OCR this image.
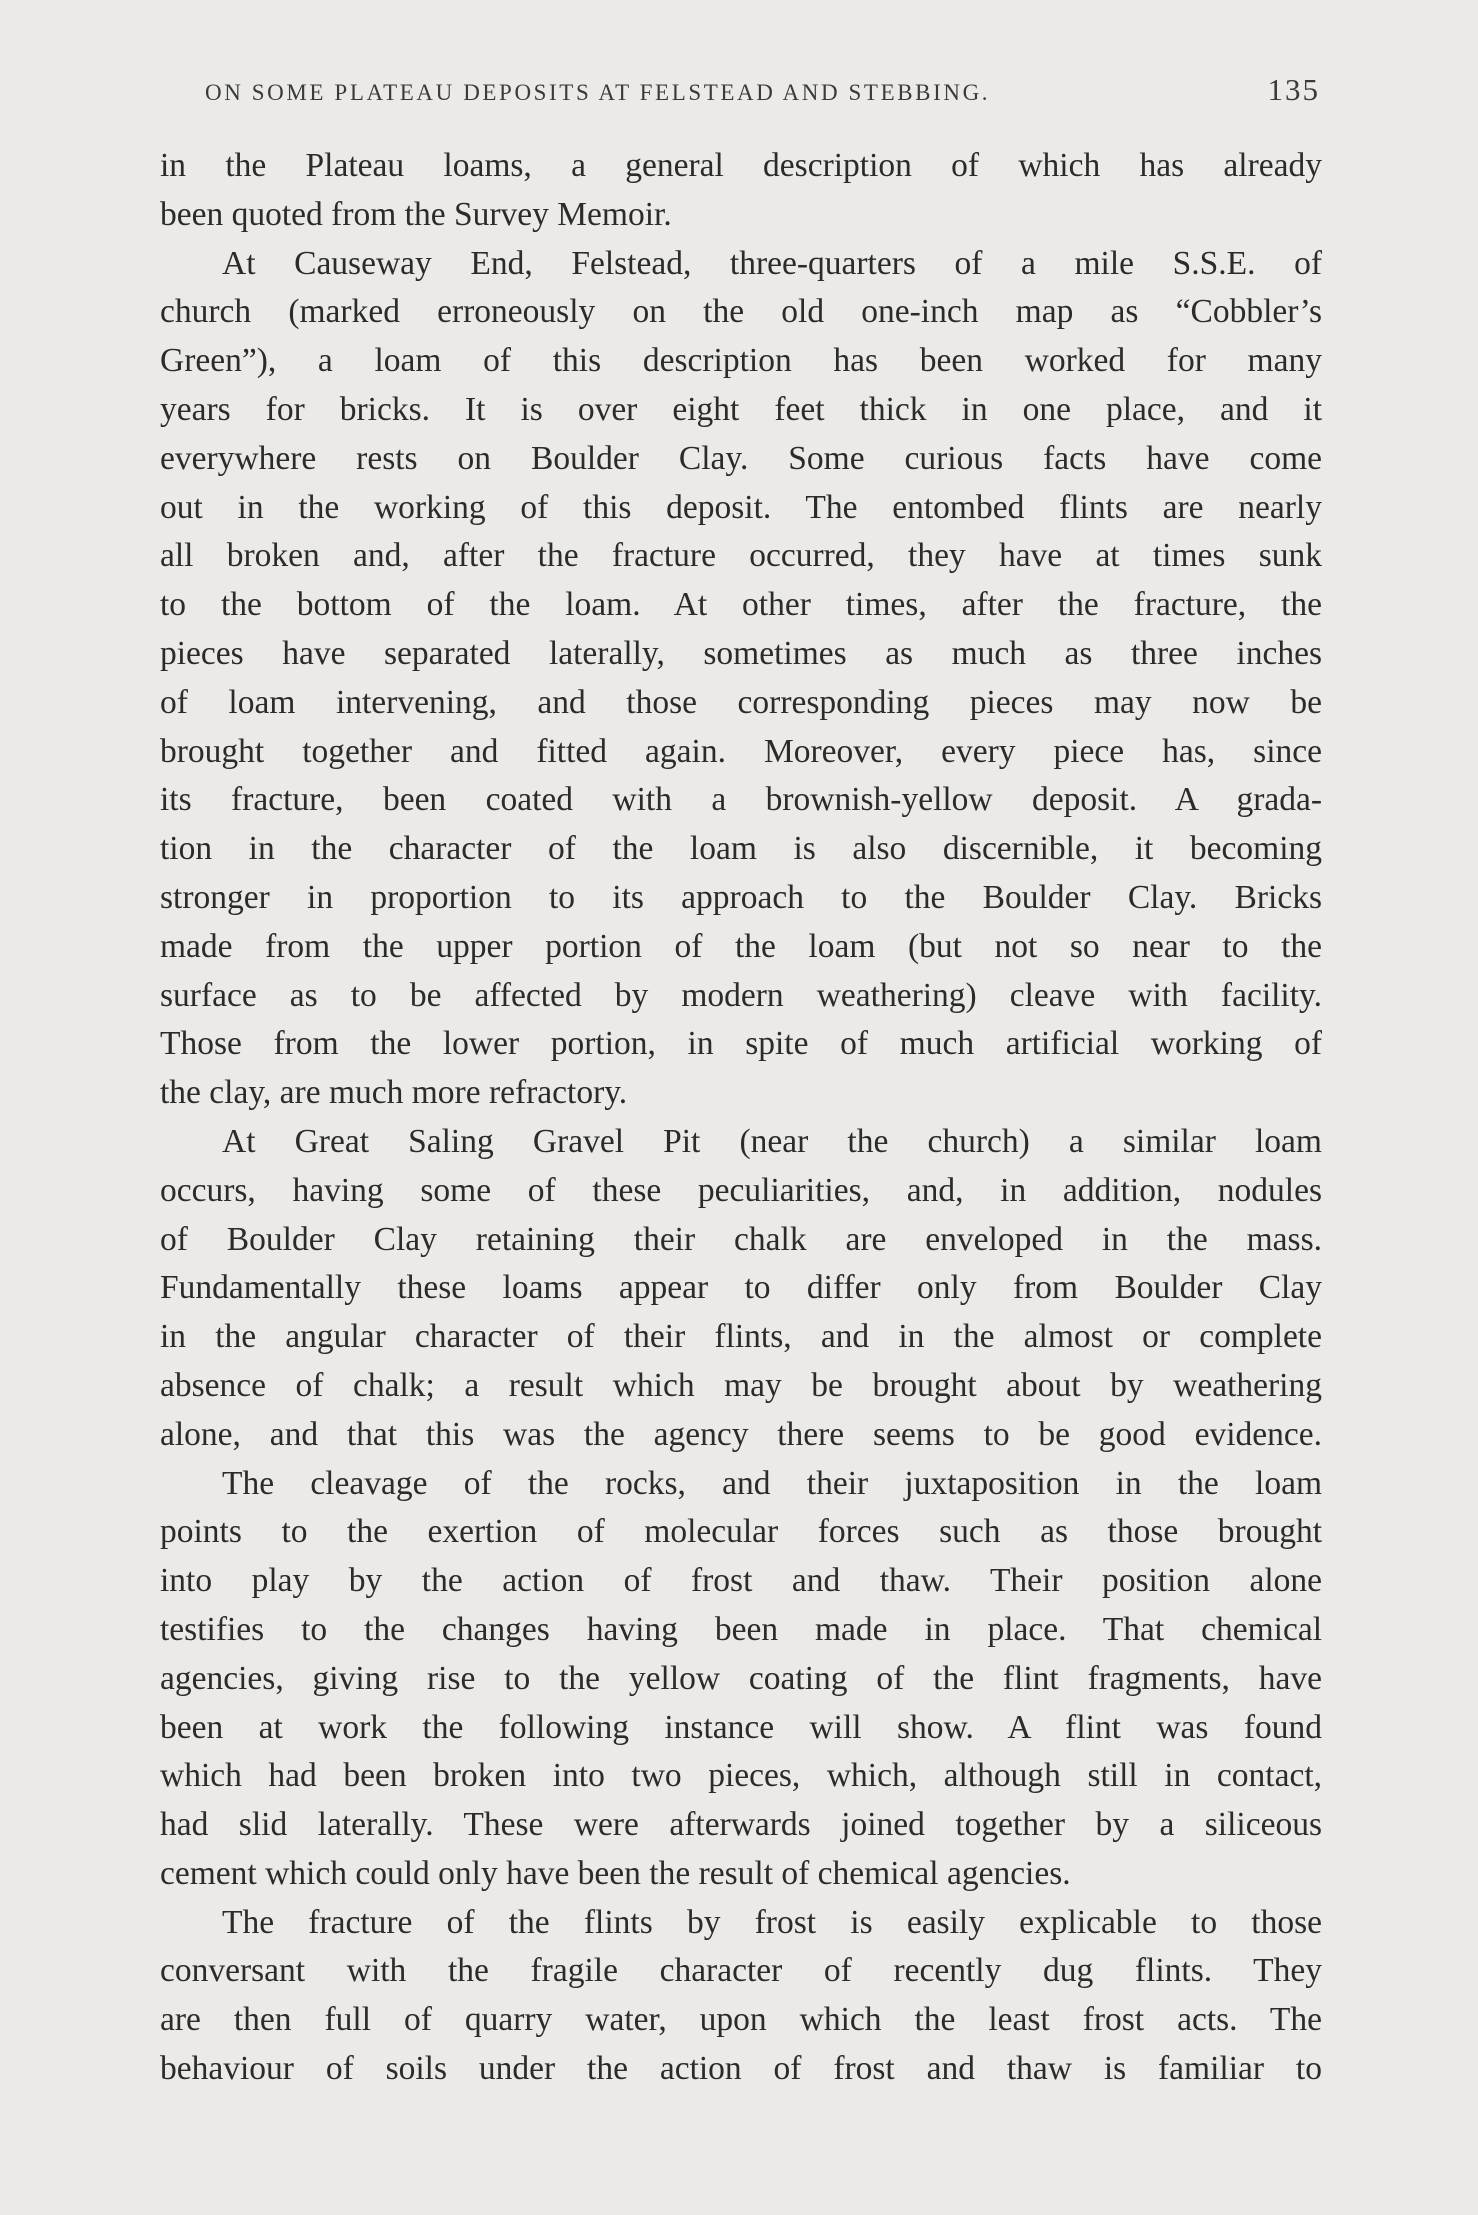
ON SOME PLATEAU DEPOSITS AT FELSTEAD AND STEBBING.	135
in the Plateau loams, a general description of which has already
been quoted from the Survey Memoir.
At Causeway End, Felstead, three-quarters of a mile S.S.E. of
church (marked erroneously on the old one-inch map as “Cobbler’s
Green”), a loam of this description has been worked for many
years for bricks. It is over eight feet thick in one place, and it
everywhere rests on Boulder Clay. Some curious facts have come
out in the working of this deposit. The entombed flints are nearly
all broken and, after the fracture occurred, they have at times sunk
to the bottom of the loam. At other times, after the fracture, the
pieces have separated laterally, sometimes as much as three inches
of loam intervening, and those corresponding pieces may now be
brought together and fitted again. Moreover, every piece has, since
its fracture, been coated with a brownish-yellow deposit. A grada-
tion in the character of the loam is also discernible, it becoming
stronger in proportion to its approach to the Boulder Clay. Bricks
made from the upper portion of the loam (but not so near to the
surface as to be affected by modern weathering) cleave with facility.
Those from the lower portion, in spite of much artificial working of
the clay, are much more refractory.
At Great Saling Gravel Pit (near the church) a similar loam
occurs, having some of these peculiarities, and, in addition, nodules
of Boulder Clay retaining their chalk are enveloped in the mass.
Fundamentally these loams appear to differ only from Boulder Clay
in the angular character of their flints, and in the almost or complete
absence of chalk; a result which may be brought about by weathering
alone, and that this was the agency there seems to be good evidence.
The cleavage of the rocks, and their juxtaposition in the loam
points to the exertion of molecular forces such as those brought
into play by the action of frost and thaw. Their position alone
testifies to the changes having been made in place. That chemical
agencies, giving rise to the yellow coating of the flint fragments, have
been at work the following instance will show. A flint was found
which had been broken into two pieces, which, although still in contact,
had slid laterally. These were afterwards joined together by a siliceous
cement which could only have been the result of chemical agencies.
The fracture of the flints by frost is easily explicable to those
conversant with the fragile character of recently dug flints. They
are then full of quarry water, upon which the least frost acts. The
behaviour of soils under the action of frost and thaw is familiar to
